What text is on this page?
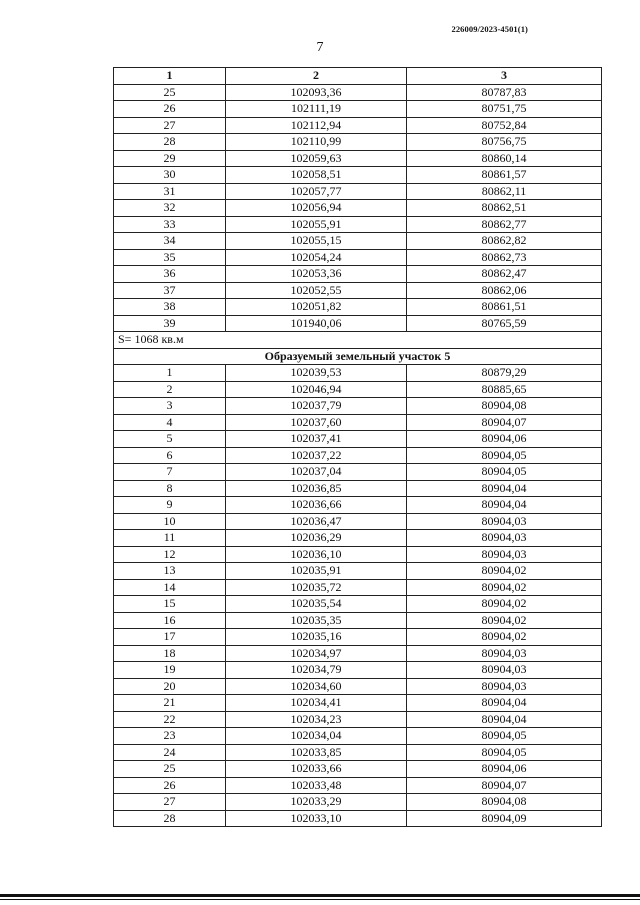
226009/2023-4501(1)
7
1	2	3
25	102093,36	80787,83
26	102111,19	80751,75
27	102112,94	80752,84
28	102110,99	80756,75
29	102059,63	80860,14
30	102058,51	80861,57
31	102057,77	80862,11
32	102056,94	80862,51
33	102055,91	80862,77
34	102055,15	80862,82
35	102054,24	80862,73
36	102053,36	80862,47
37	102052,55	80862,06
38	102051,82	80861,51
39	101940,06	80765,59
S= 1068 кв.м		
Образуемый земельный участок 5		
1	102039,53	80879,29
2	102046,94	80885,65
3	102037,79	80904,08
4	102037,60	80904,07
5	102037,41	80904,06
6	102037,22	80904,05
7	102037,04	80904,05
8	102036,85	80904,04
9	102036,66	80904,04
10	102036,47	80904,03
11	102036,29	80904,03
12	102036,10	80904,03
13	102035,91	80904,02
14	102035,72	80904,02
15	102035,54	80904,02
16	102035,35	80904,02
17	102035,16	80904,02
18	102034,97	80904,03
19	102034,79	80904,03
20	102034,60	80904,03
21	102034,41	80904,04
22	102034,23	80904,04
23	102034,04	80904,05
24	102033,85	80904,05
25	102033,66	80904,06
26	102033,48	80904,07
27	102033,29	80904,08
28	102033,10	80904,09
